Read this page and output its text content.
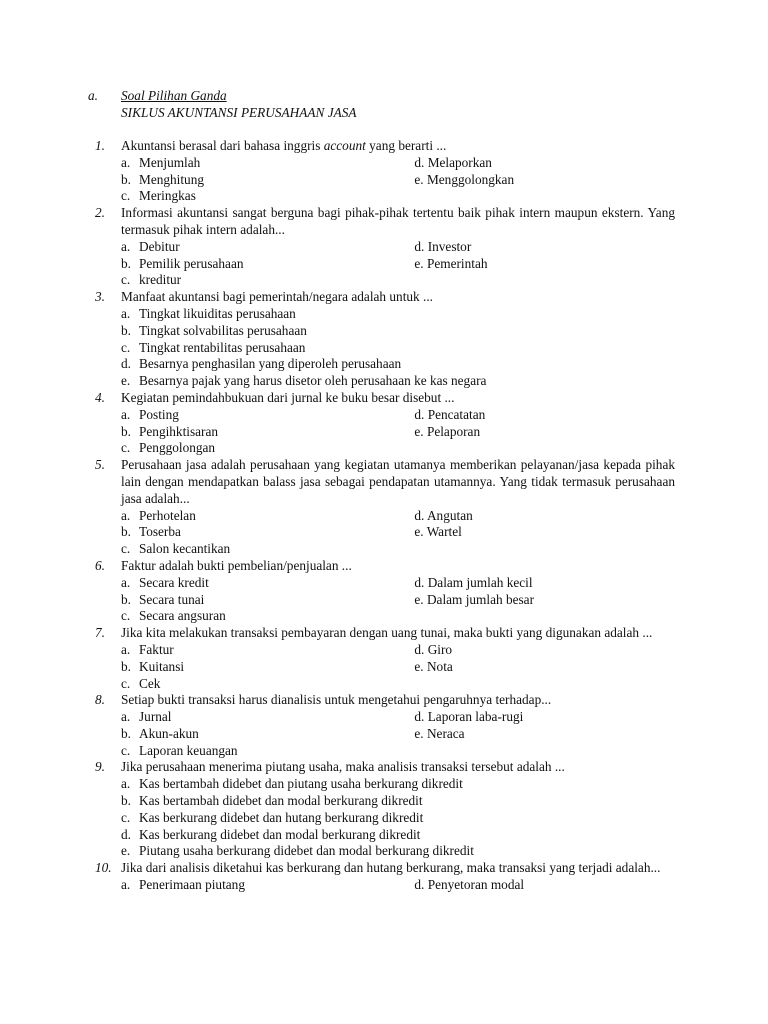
a. Soal Pilihan Ganda
SIKLUS AKUNTANSI PERUSAHAAN JASA
1. Akuntansi berasal dari bahasa inggris account yang berarti ...
a. Menjumlah	d. Melaporkan
b. Menghitung	e. Menggolongkan
c. Meringkas
2. Informasi akuntansi sangat berguna bagi pihak-pihak tertentu baik pihak intern maupun ekstern. Yang termasuk pihak intern adalah...
a. Debitur	d. Investor
b. Pemilik perusahaan	e. Pemerintah
c. kreditur
3. Manfaat akuntansi bagi pemerintah/negara adalah untuk ...
a. Tingkat likuiditas perusahaan
b. Tingkat solvabilitas perusahaan
c. Tingkat rentabilitas perusahaan
d. Besarnya penghasilan yang diperoleh perusahaan
e. Besarnya pajak yang harus disetor oleh perusahaan ke kas negara
4. Kegiatan pemindahbukuan dari jurnal ke buku besar disebut ...
a. Posting	d. Pencatatan
b. Pengihktisaran	e. Pelaporan
c. Penggolongan
5. Perusahaan jasa adalah perusahaan yang kegiatan utamanya memberikan pelayanan/jasa kepada pihak lain dengan mendapatkan balass jasa sebagai pendapatan utamannya. Yang tidak termasuk perusahaan jasa adalah...
a. Perhotelan	d. Angutan
b. Toserba	e. Wartel
c. Salon kecantikan
6. Faktur adalah bukti pembelian/penjualan ...
a. Secara kredit	d. Dalam jumlah kecil
b. Secara tunai	e. Dalam jumlah besar
c. Secara angsuran
7. Jika kita melakukan transaksi pembayaran dengan uang tunai, maka bukti yang digunakan adalah ...
a. Faktur	d. Giro
b. Kuitansi	e. Nota
c. Cek
8. Setiap bukti transaksi harus dianalisis untuk mengetahui pengaruhnya terhadap...
a. Jurnal	d. Laporan laba-rugi
b. Akun-akun	e. Neraca
c. Laporan keuangan
9. Jika perusahaan menerima piutang usaha, maka analisis transaksi tersebut adalah ...
a. Kas bertambah didebet dan piutang usaha berkurang dikredit
b. Kas bertambah didebet dan modal berkurang dikredit
c. Kas berkurang didebet dan hutang berkurang dikredit
d. Kas berkurang didebet dan modal berkurang dikredit
e. Piutang usaha berkurang didebet dan modal berkurang dikredit
10. Jika dari analisis diketahui kas berkurang dan hutang berkurang, maka transaksi yang terjadi adalah...
a. Penerimaan piutang	d. Penyetoran modal
